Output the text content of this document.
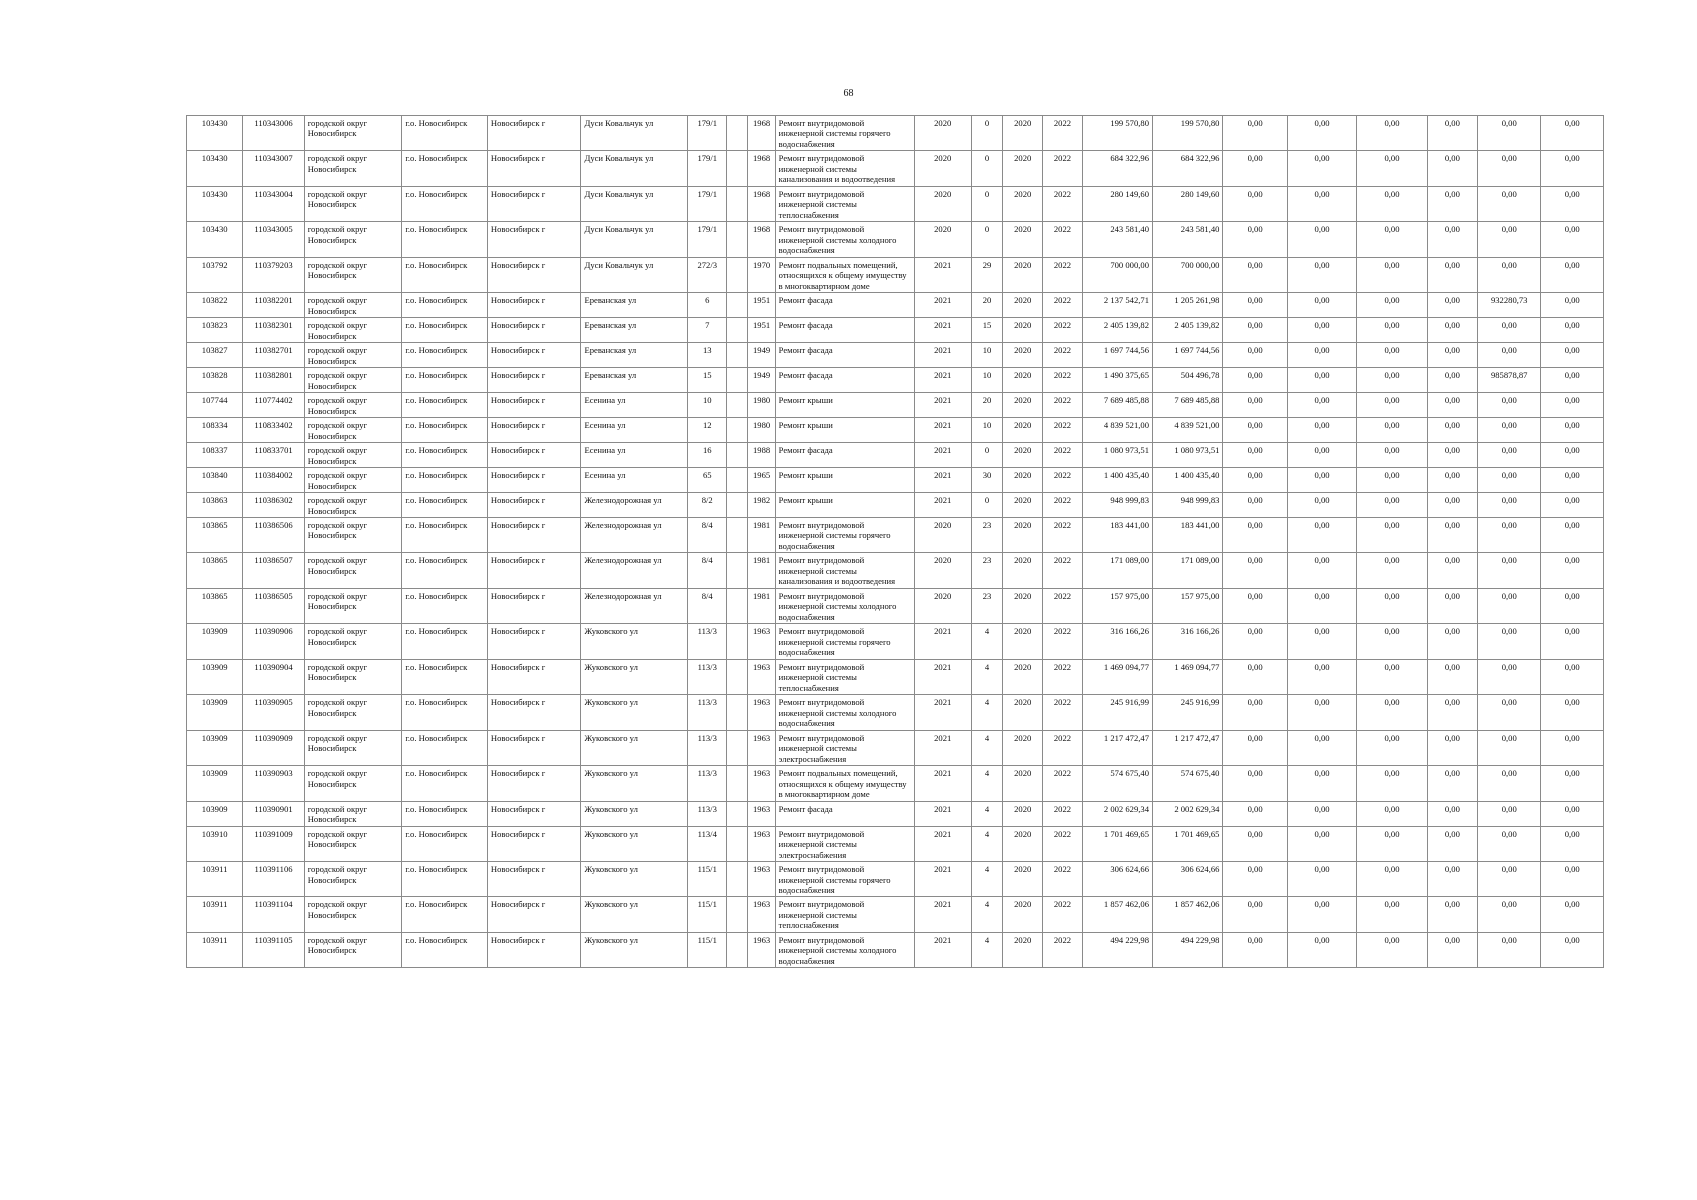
68
103430	110343006	городской округ Новосибирск	г.о. Новосибирск	Новосибирск г	Дуси Ковальчук ул	179/1		1968	Ремонт внутридомовой инженерной системы горячего водоснабжения	2020	0	2020	2022	199 570,80	199 570,80	0,00	0,00	0,00	0,00	0,00	0,00
103430	110343007	городской округ Новосибирск	г.о. Новосибирск	Новосибирск г	Дуси Ковальчук ул	179/1		1968	Ремонт внутридомовой инженерной системы канализования и водоотведения	2020	0	2020	2022	684 322,96	684 322,96	0,00	0,00	0,00	0,00	0,00	0,00
103430	110343004	городской округ Новосибирск	г.о. Новосибирск	Новосибирск г	Дуси Ковальчук ул	179/1		1968	Ремонт внутридомовой инженерной системы теплоснабжения	2020	0	2020	2022	280 149,60	280 149,60	0,00	0,00	0,00	0,00	0,00	0,00
103430	110343005	городской округ Новосибирск	г.о. Новосибирск	Новосибирск г	Дуси Ковальчук ул	179/1		1968	Ремонт внутридомовой инженерной системы холодного водоснабжения	2020	0	2020	2022	243 581,40	243 581,40	0,00	0,00	0,00	0,00	0,00	0,00
103792	110379203	городской округ Новосибирск	г.о. Новосибирск	Новосибирск г	Дуси Ковальчук ул	272/3		1970	Ремонт подвальных помещений, относящихся к общему имуществу в многоквартирном доме	2021	29	2020	2022	700 000,00	700 000,00	0,00	0,00	0,00	0,00	0,00	0,00
103822	110382201	городской округ Новосибирск	г.о. Новосибирск	Новосибирск г	Ереванская ул	6		1951	Ремонт фасада	2021	20	2020	2022	2 137 542,71	1 205 261,98	0,00	0,00	0,00	0,00	932280,73	0,00
103823	110382301	городской округ Новосибирск	г.о. Новосибирск	Новосибирск г	Ереванская ул	7		1951	Ремонт фасада	2021	15	2020	2022	2 405 139,82	2 405 139,82	0,00	0,00	0,00	0,00	0,00	0,00
103827	110382701	городской округ Новосибирск	г.о. Новосибирск	Новосибирск г	Ереванская ул	13		1949	Ремонт фасада	2021	10	2020	2022	1 697 744,56	1 697 744,56	0,00	0,00	0,00	0,00	0,00	0,00
103828	110382801	городской округ Новосибирск	г.о. Новосибирск	Новосибирск г	Ереванская ул	15		1949	Ремонт фасада	2021	10	2020	2022	1 490 375,65	504 496,78	0,00	0,00	0,00	0,00	985878,87	0,00
107744	110774402	городской округ Новосибирск	г.о. Новосибирск	Новосибирск г	Есенина ул	10		1980	Ремонт крыши	2021	20	2020	2022	7 689 485,88	7 689 485,88	0,00	0,00	0,00	0,00	0,00	0,00
108334	110833402	городской округ Новосибирск	г.о. Новосибирск	Новосибирск г	Есенина ул	12		1980	Ремонт крыши	2021	10	2020	2022	4 839 521,00	4 839 521,00	0,00	0,00	0,00	0,00	0,00	0,00
108337	110833701	городской округ Новосибирск	г.о. Новосибирск	Новосибирск г	Есенина ул	16		1988	Ремонт фасада	2021	0	2020	2022	1 080 973,51	1 080 973,51	0,00	0,00	0,00	0,00	0,00	0,00
103840	110384002	городской округ Новосибирск	г.о. Новосибирск	Новосибирск г	Есенина ул	65		1965	Ремонт крыши	2021	30	2020	2022	1 400 435,40	1 400 435,40	0,00	0,00	0,00	0,00	0,00	0,00
103863	110386302	городской округ Новосибирск	г.о. Новосибирск	Новосибирск г	Железнодорожная ул	8/2		1982	Ремонт крыши	2021	0	2020	2022	948 999,83	948 999,83	0,00	0,00	0,00	0,00	0,00	0,00
103865	110386506	городской округ Новосибирск	г.о. Новосибирск	Новосибирск г	Железнодорожная ул	8/4		1981	Ремонт внутридомовой инженерной системы горячего водоснабжения	2020	23	2020	2022	183 441,00	183 441,00	0,00	0,00	0,00	0,00	0,00	0,00
103865	110386507	городской округ Новосибирск	г.о. Новосибирск	Новосибирск г	Железнодорожная ул	8/4		1981	Ремонт внутридомовой инженерной системы канализования и водоотведения	2020	23	2020	2022	171 089,00	171 089,00	0,00	0,00	0,00	0,00	0,00	0,00
103865	110386505	городской округ Новосибирск	г.о. Новосибирск	Новосибирск г	Железнодорожная ул	8/4		1981	Ремонт внутридомовой инженерной системы холодного водоснабжения	2020	23	2020	2022	157 975,00	157 975,00	0,00	0,00	0,00	0,00	0,00	0,00
103909	110390906	городской округ Новосибирск	г.о. Новосибирск	Новосибирск г	Жуковского ул	113/3		1963	Ремонт внутридомовой инженерной системы горячего водоснабжения	2021	4	2020	2022	316 166,26	316 166,26	0,00	0,00	0,00	0,00	0,00	0,00
103909	110390904	городской округ Новосибирск	г.о. Новосибирск	Новосибирск г	Жуковского ул	113/3		1963	Ремонт внутридомовой инженерной системы теплоснабжения	2021	4	2020	2022	1 469 094,77	1 469 094,77	0,00	0,00	0,00	0,00	0,00	0,00
103909	110390905	городской округ Новосибирск	г.о. Новосибирск	Новосибирск г	Жуковского ул	113/3		1963	Ремонт внутридомовой инженерной системы холодного водоснабжения	2021	4	2020	2022	245 916,99	245 916,99	0,00	0,00	0,00	0,00	0,00	0,00
103909	110390909	городской округ Новосибирск	г.о. Новосибирск	Новосибирск г	Жуковского ул	113/3		1963	Ремонт внутридомовой инженерной системы электроснабжения	2021	4	2020	2022	1 217 472,47	1 217 472,47	0,00	0,00	0,00	0,00	0,00	0,00
103909	110390903	городской округ Новосибирск	г.о. Новосибирск	Новосибирск г	Жуковского ул	113/3		1963	Ремонт подвальных помещений, относящихся к общему имуществу в многоквартирном доме	2021	4	2020	2022	574 675,40	574 675,40	0,00	0,00	0,00	0,00	0,00	0,00
103909	110390901	городской округ Новосибирск	г.о. Новосибирск	Новосибирск г	Жуковского ул	113/3		1963	Ремонт фасада	2021	4	2020	2022	2 002 629,34	2 002 629,34	0,00	0,00	0,00	0,00	0,00	0,00
103910	110391009	городской округ Новосибирск	г.о. Новосибирск	Новосибирск г	Жуковского ул	113/4		1963	Ремонт внутридомовой инженерной системы электроснабжения	2021	4	2020	2022	1 701 469,65	1 701 469,65	0,00	0,00	0,00	0,00	0,00	0,00
103911	110391106	городской округ Новосибирск	г.о. Новосибирск	Новосибирск г	Жуковского ул	115/1		1963	Ремонт внутридомовой инженерной системы горячего водоснабжения	2021	4	2020	2022	306 624,66	306 624,66	0,00	0,00	0,00	0,00	0,00	0,00
103911	110391104	городской округ Новосибирск	г.о. Новосибирск	Новосибирск г	Жуковского ул	115/1		1963	Ремонт внутридомовой инженерной системы теплоснабжения	2021	4	2020	2022	1 857 462,06	1 857 462,06	0,00	0,00	0,00	0,00	0,00	0,00
103911	110391105	городской округ Новосибирск	г.о. Новосибирск	Новосибирск г	Жуковского ул	115/1		1963	Ремонт внутридомовой инженерной системы холодного водоснабжения	2021	4	2020	2022	494 229,98	494 229,98	0,00	0,00	0,00	0,00	0,00	0,00
